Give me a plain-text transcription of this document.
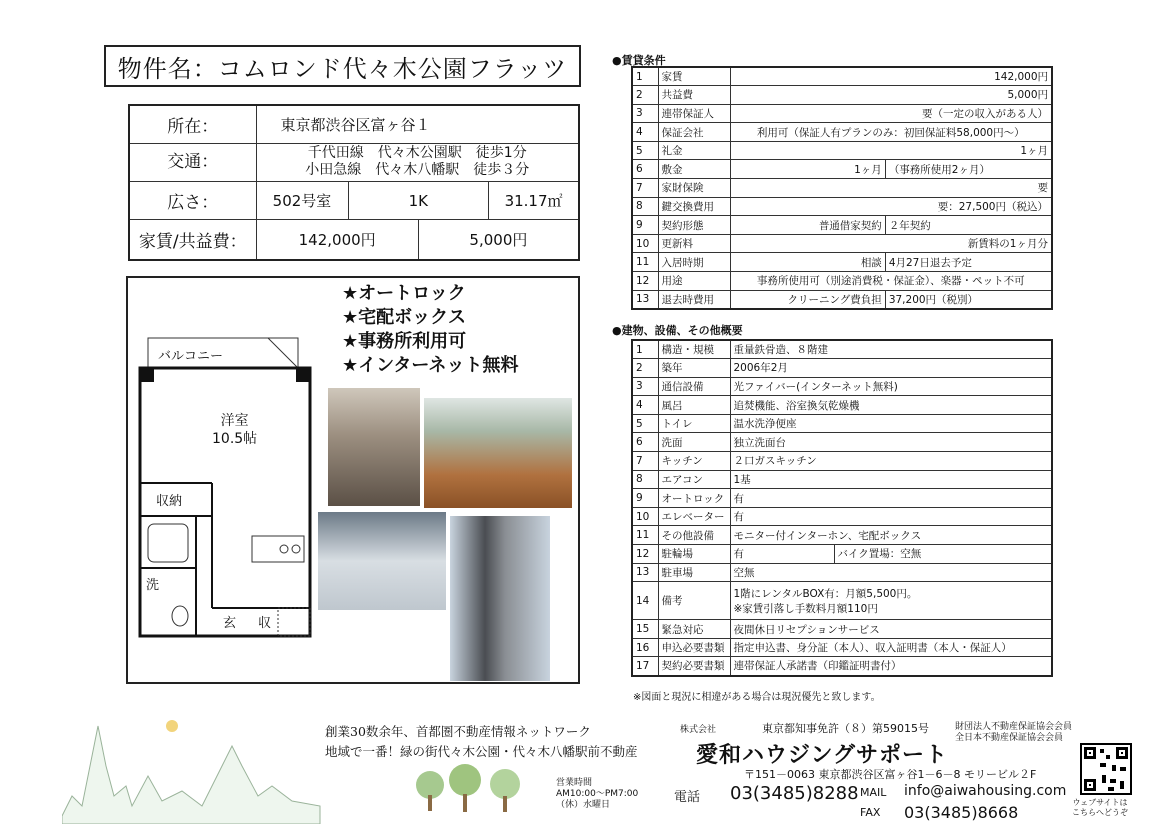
物件名：コムロンド代々木公園フラッツ
所在：	東京都渋谷区富ヶ谷１			
交通：	千代田線　代々木公園駅　徒歩1分
小田急線　代々木八幡駅　徒歩３分			

広さ：	502号室	1K		31.17㎡
家賃/共益費：	142,000円		5,000円	
洋室
10.5帖
バルコニー
収納
洗
玄 収
★オートロック
★宅配ボックス
★事務所利用可
★インターネット無料
●賃貸条件
1	家賃	142,000円	
2	共益費	5,000円	
3	連帯保証人	要（一定の収入がある人）	
4	保証会社	利用可（保証人有プランのみ：初回保証料58,000円～）	
5	礼金	1ヶ月	
6	敷金	1ヶ月	（事務所使用2ヶ月）
7	家財保険	要	
8	鍵交換費用	要：27,500円（税込）	
9	契約形態	普通借家契約	２年契約
10	更新料	新賃料の1ヶ月分	
11	入居時期	相談	4月27日退去予定
12	用途	事務所使用可（別途消費税・保証金）、楽器・ペット不可	
13	退去時費用	クリーニング費負担	37,200円（税別）
●建物、設備、その他概要
1	構造・規模	重量鉄骨造、８階建	
2	築年	2006年2月	
3	通信設備	光ファイバー(インターネット無料)	
4	風呂	追焚機能、浴室換気乾燥機	
5	トイレ	温水洗浄便座	
6	洗面	独立洗面台	
7	キッチン	２口ガスキッチン	
8	エアコン	1基	
9	オートロック	有	
10	エレベーター	有	
11	その他設備	モニター付インターホン、宅配ボックス	
12	駐輪場	有	バイク置場：空無
13	駐車場	空無	
14	備考	1階にレンタルBOX有：月額5,500円。
※家賃引落し手数料月額110円	

15	緊急対応	夜間休日リセプションサービス	
16	申込必要書類	指定申込書、身分証（本人）、収入証明書（本人・保証人）	
17	契約必要書類	連帯保証人承諾書（印鑑証明書付）	
※図面と現況に相違がある場合は現況優先と致します。
創業30数余年、首都圏不動産情報ネットワーク
地域で一番！緑の街代々木公園・代々木八幡駅前不動産
営業時間
AM10:00～PM7:00
（休）水曜日
株式会社	東京都知事免許（８）第59015号	財団法人不動産保証協会会員
全日本不動産保証協会会員
愛和ハウジングサポート
〒151－0063 東京都渋谷区富ヶ谷1－6－8 モリービル２F
電話 03(3485)8288 MAIL info@aiwahousing.com
FAX 03(3485)8668
ウェブサイトは
こちらへどうぞ
